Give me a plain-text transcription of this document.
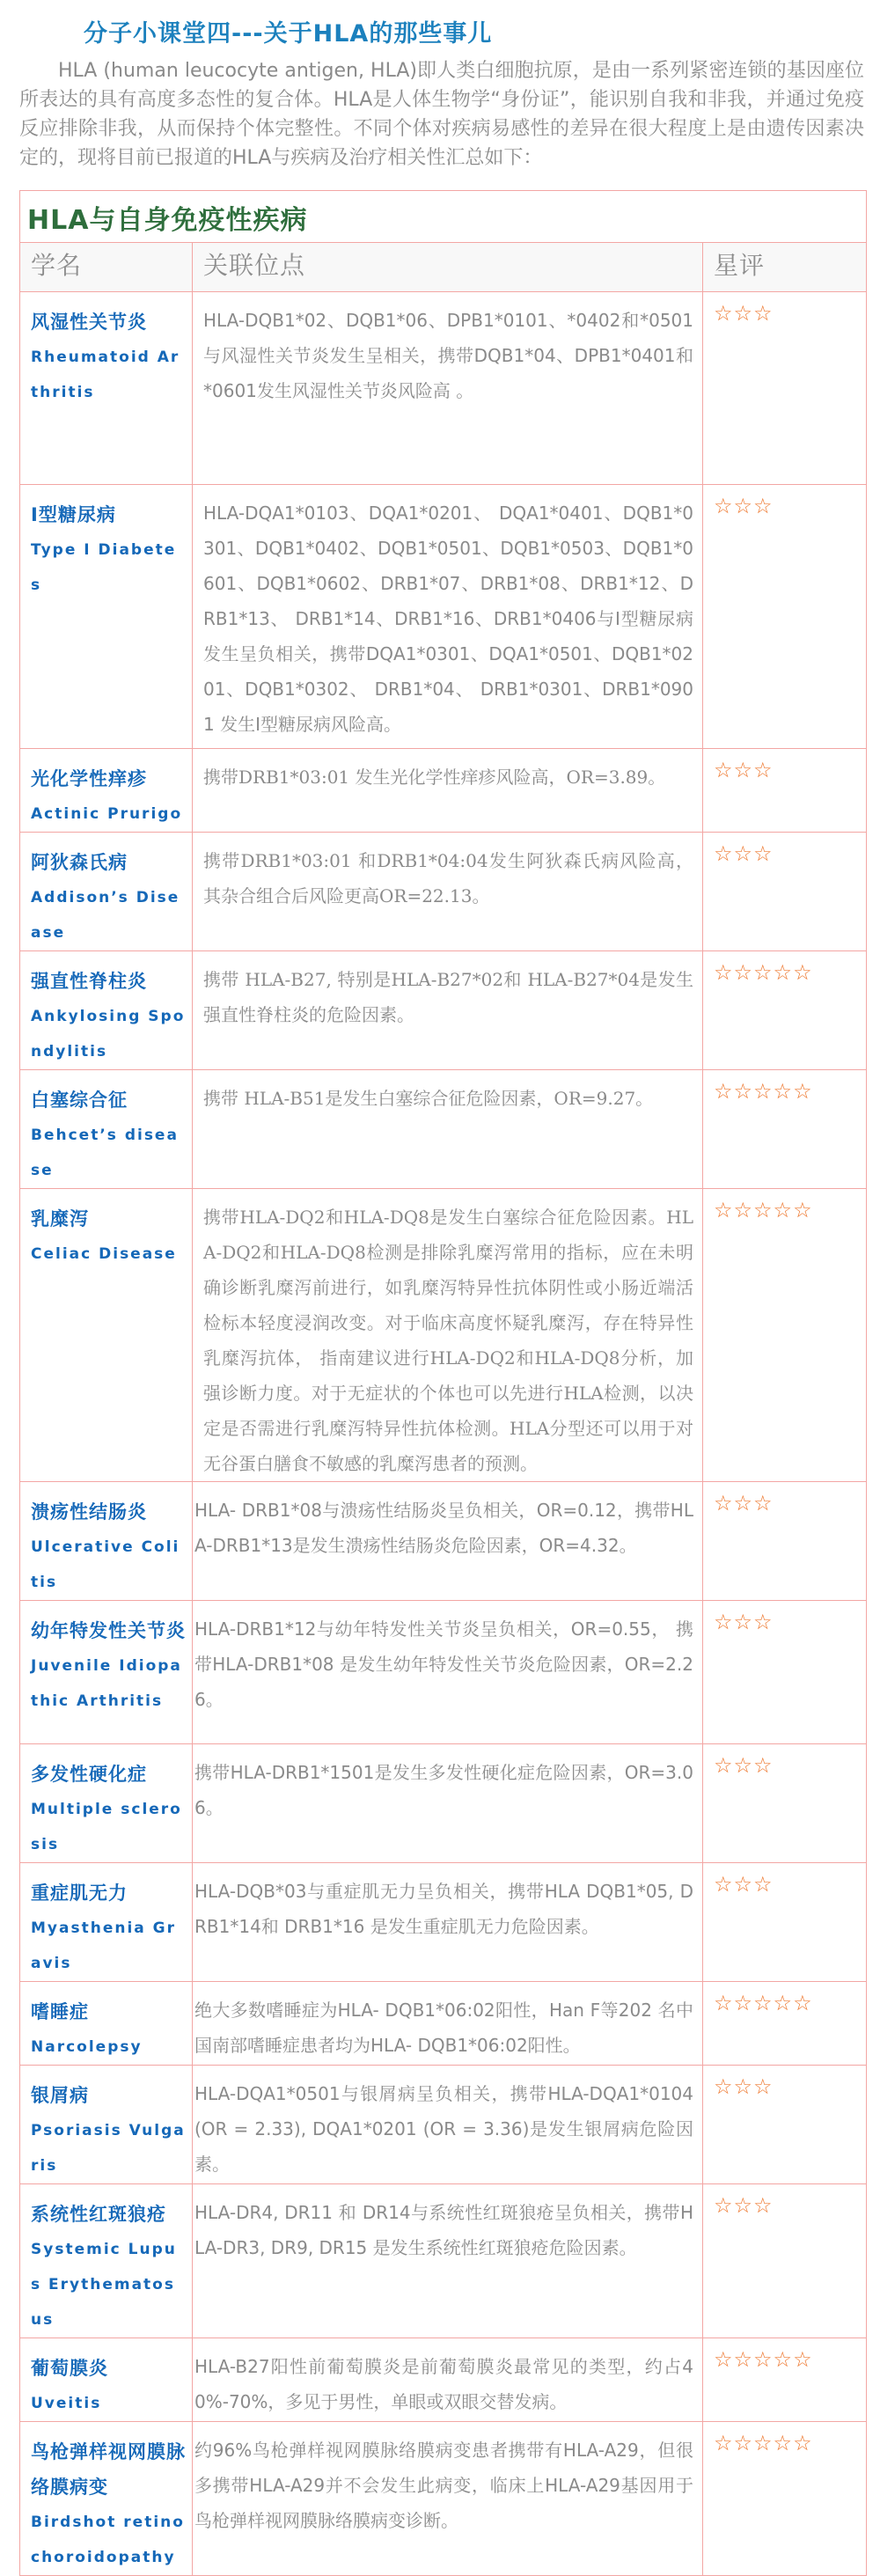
分子小课堂四---关于HLA的那些事儿

HLA (human leucocyte antigen, HLA)即人类白细胞抗原，是由一系列紧密连锁的基因座位所表达的具有高度多态性的复合体。HLA是人体生物学“身份证”，能识别自我和非我，并通过免疫反应排除非我，从而保持个体完整性。不同个体对疾病易感性的差异在很大程度上是由遗传因素决定的，现将目前已报道的HLA与疾病及治疗相关性汇总如下：

HLA与自身免疫性疾病		

学名	关联位点	星评

风湿性关节炎
Rheumatoid Arthritis	HLA-DQB1*02、DQB1*06、DPB1*0101、*0402和*0501与风湿性关节炎发生呈相关，携带DQB1*04、DPB1*0401和*0601发生风湿性关节炎风险高 。	☆☆☆

Ⅰ型糖尿病
Type I Diabetes	HLA-DQA1*0103、DQA1*0201、 DQA1*0401、DQB1*0301、DQB1*0402、DQB1*0501、DQB1*0503、DQB1*0601、DQB1*0602、DRB1*07、DRB1*08、DRB1*12、DRB1*13、 DRB1*14、DRB1*16、DRB1*0406与I型糖尿病发生呈负相关，携带DQA1*0301、DQA1*0501、DQB1*0201、DQB1*0302、 DRB1*04、 DRB1*0301、DRB1*0901 发生I型糖尿病风险高。	☆☆☆

光化学性痒疹
Actinic Prurigo	携带DRB1*03:01 发生光化学性痒疹风险高，OR=3.89。	☆☆☆

阿狄森氏病
Addison’s Disease	携带DRB1*03:01 和DRB1*04:04发生阿狄森氏病风险高，其杂合组合后风险更高OR=22.13。	☆☆☆

强直性脊柱炎
Ankylosing Spondylitis	携带 HLA-B27, 特别是HLA-B27*02和 HLA-B27*04是发生强直性脊柱炎的危险因素。	☆☆☆☆☆

白塞综合征
Behcet’s disease	携带 HLA-B51是发生白塞综合征危险因素，OR=9.27。	☆☆☆☆☆

乳糜泻
Celiac Disease	携带HLA-DQ2和HLA-DQ8是发生白塞综合征危险因素。HLA-DQ2和HLA-DQ8检测是排除乳糜泻常用的指标，应在未明确诊断乳糜泻前进行，如乳糜泻特异性抗体阴性或小肠近端活检标本轻度浸润改变。对于临床高度怀疑乳糜泻，存在特异性乳糜泻抗体， 指南建议进行HLA-DQ2和HLA-DQ8分析，加强诊断力度。对于无症状的个体也可以先进行HLA检测，以决定是否需进行乳糜泻特异性抗体检测。HLA分型还可以用于对无谷蛋白膳食不敏感的乳糜泻患者的预测。	☆☆☆☆☆

溃疡性结肠炎
Ulcerative Colitis	HLA- DRB1*08与溃疡性结肠炎呈负相关，OR=0.12，携带HLA-DRB1*13是发生溃疡性结肠炎危险因素，OR=4.32。	☆☆☆

幼年特发性关节炎
Juvenile Idiopathic Arthritis	HLA-DRB1*12与幼年特发性关节炎呈负相关，OR=0.55， 携带HLA-DRB1*08 是发生幼年特发性关节炎危险因素，OR=2.26。	☆☆☆

多发性硬化症
Multiple sclerosis	携带HLA-DRB1*1501是发生多发性硬化症危险因素，OR=3.06。	☆☆☆

重症肌无力
Myasthenia Gravis	HLA-DQB*03与重症肌无力呈负相关，携带HLA DQB1*05, DRB1*14和 DRB1*16 是发生重症肌无力危险因素。	☆☆☆

嗜睡症
Narcolepsy	绝大多数嗜睡症为HLA- DQB1*06:02阳性，Han F等202 名中国南部嗜睡症患者均为HLA- DQB1*06:02阳性。	☆☆☆☆☆

银屑病
Psoriasis Vulgaris	HLA-DQA1*0501与银屑病呈负相关，携带HLA-DQA1*0104 (OR = 2.33), DQA1*0201 (OR = 3.36)是发生银屑病危险因素。	☆☆☆

系统性红斑狼疮
Systemic Lupus Erythematosus	HLA-DR4, DR11 和 DR14与系统性红斑狼疮呈负相关，携带HLA-DR3, DR9, DR15 是发生系统性红斑狼疮危险因素。	☆☆☆

葡萄膜炎
Uveitis	HLA-B27阳性前葡萄膜炎是前葡萄膜炎最常见的类型，约占40%-70%，多见于男性，单眼或双眼交替发病。	☆☆☆☆☆

鸟枪弹样视网膜脉络膜病变
Birdshot retinochoroidopathy	约96%鸟枪弹样视网膜脉络膜病变患者携带有HLA-A29，但很多携带HLA-A29并不会发生此病变，临床上HLA-A29基因用于鸟枪弹样视网膜脉络膜病变诊断。	☆☆☆☆☆
